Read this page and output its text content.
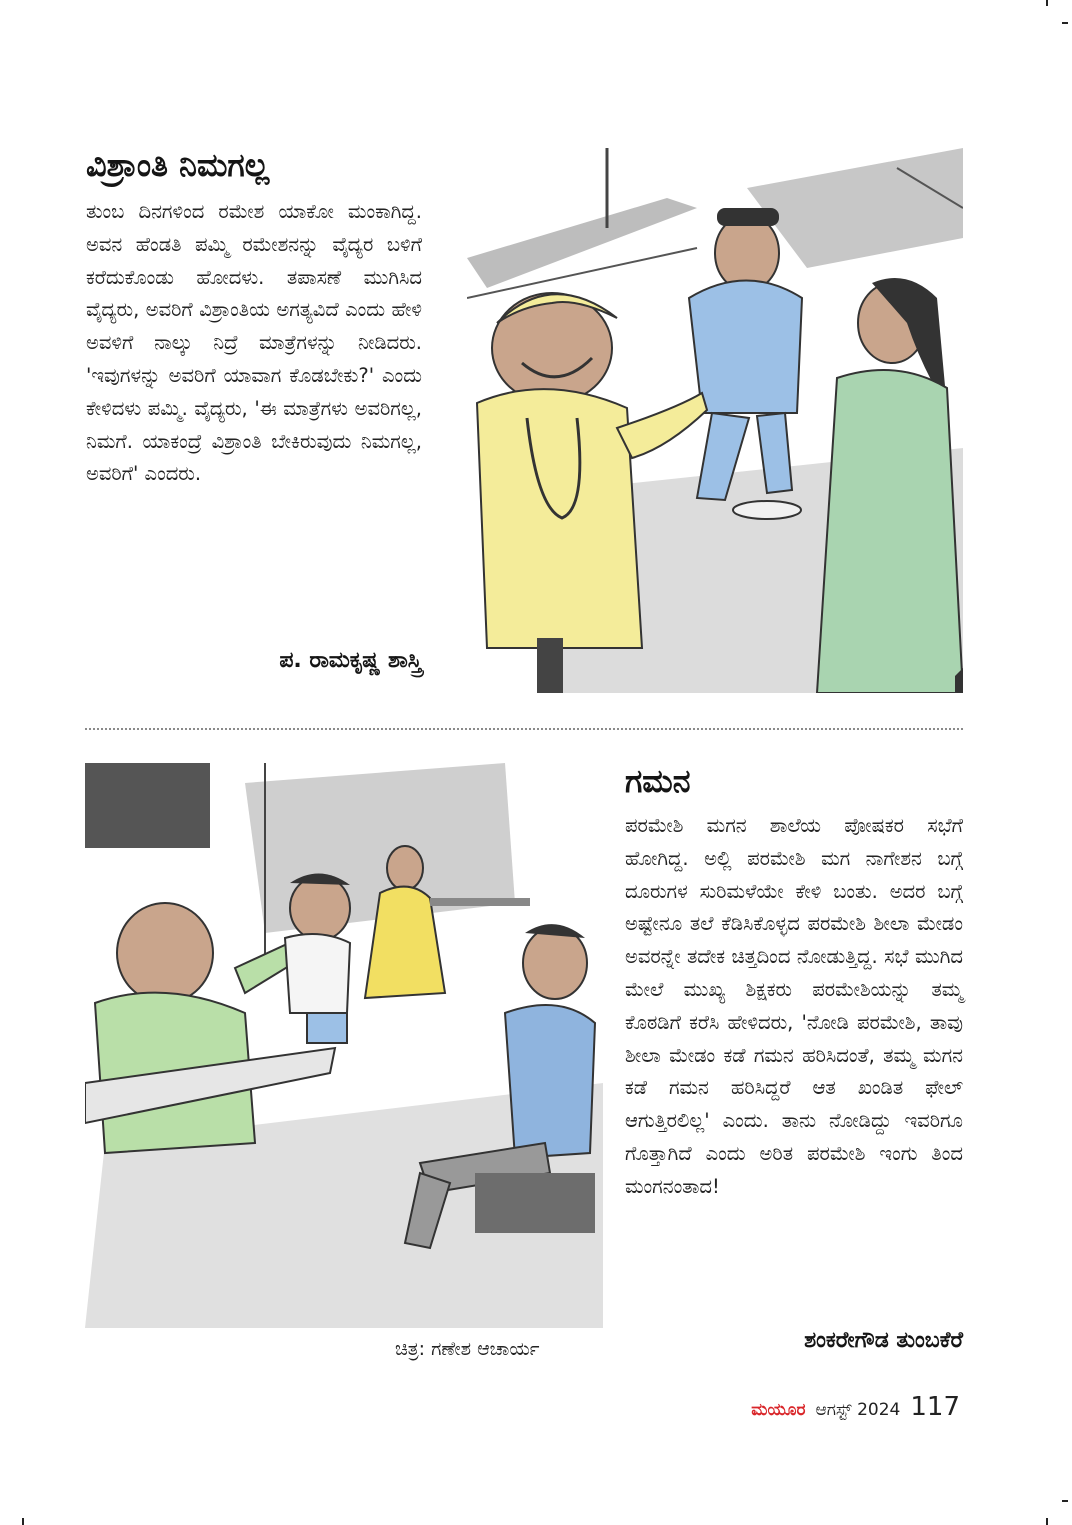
ವಿಶ್ರಾಂತಿ ನಿಮಗಲ್ಲ

ತುಂಬ ದಿನಗಳಿಂದ ರಮೇಶ ಯಾಕೋ ಮಂಕಾಗಿದ್ದ. ಅವನ ಹೆಂಡತಿ ಪಮ್ಮಿ ರಮೇಶನನ್ನು ವೈದ್ಯರ ಬಳಿಗೆ ಕರೆದುಕೊಂಡು ಹೋದಳು. ತಪಾಸಣೆ ಮುಗಿಸಿದ ವೈದ್ಯರು, ಅವರಿಗೆ ವಿಶ್ರಾಂತಿಯ ಅಗತ್ಯವಿದೆ ಎಂದು ಹೇಳಿ ಅವಳಿಗೆ ನಾಲ್ಕು ನಿದ್ರೆ ಮಾತ್ರೆಗಳನ್ನು ನೀಡಿದರು. 'ಇವುಗಳನ್ನು ಅವರಿಗೆ ಯಾವಾಗ ಕೊಡಬೇಕು?' ಎಂದು ಕೇಳಿದಳು ಪಮ್ಮಿ. ವೈದ್ಯರು, 'ಈ ಮಾತ್ರೆಗಳು ಅವರಿಗಲ್ಲ, ನಿಮಗೆ. ಯಾಕಂದ್ರೆ ವಿಶ್ರಾಂತಿ ಬೇಕಿರುವುದು ನಿಮಗಲ್ಲ, ಅವರಿಗೆ' ಎಂದರು.

ಪ. ರಾಮಕೃಷ್ಣ ಶಾಸ್ತ್ರಿ
ಗಮನ

ಪರಮೇಶಿ ಮಗನ ಶಾಲೆಯ ಪೋಷಕರ ಸಭೆಗೆ ಹೋಗಿದ್ದ. ಅಲ್ಲಿ ಪರಮೇಶಿ ಮಗ ನಾಗೇಶನ ಬಗ್ಗೆ ದೂರುಗಳ ಸುರಿಮಳೆಯೇ ಕೇಳಿ ಬಂತು. ಅದರ ಬಗ್ಗೆ ಅಷ್ಟೇನೂ ತಲೆ ಕೆಡಿಸಿಕೊಳ್ಳದ ಪರಮೇಶಿ ಶೀಲಾ ಮೇಡಂ ಅವರನ್ನೇ ತದೇಕ ಚಿತ್ತದಿಂದ ನೋಡುತ್ತಿದ್ದ. ಸಭೆ ಮುಗಿದ ಮೇಲೆ ಮುಖ್ಯ ಶಿಕ್ಷಕರು ಪರಮೇಶಿಯನ್ನು ತಮ್ಮ ಕೊಠಡಿಗೆ ಕರೆಸಿ ಹೇಳಿದರು, 'ನೋಡಿ ಪರಮೇಶಿ, ತಾವು ಶೀಲಾ ಮೇಡಂ ಕಡೆ ಗಮನ ಹರಿಸಿದಂತೆ, ತಮ್ಮ ಮಗನ ಕಡೆ ಗಮನ ಹರಿಸಿದ್ದರೆ ಆತ ಖಂಡಿತ ಫೇಲ್ ಆಗುತ್ತಿರಲಿಲ್ಲ' ಎಂದು. ತಾನು ನೋಡಿದ್ದು ಇವರಿಗೂ ಗೊತ್ತಾಗಿದೆ ಎಂದು ಅರಿತ ಪರಮೇಶಿ ಇಂಗು ತಿಂದ ಮಂಗನಂತಾದ!

ಶಂಕರೇಗೌಡ ತುಂಬಕೆರೆ
ಚಿತ್ರ: ಗಣೇಶ ಆಚಾರ್ಯ
ಮಯೂರ ಆಗಸ್ಟ್ 2024 117
